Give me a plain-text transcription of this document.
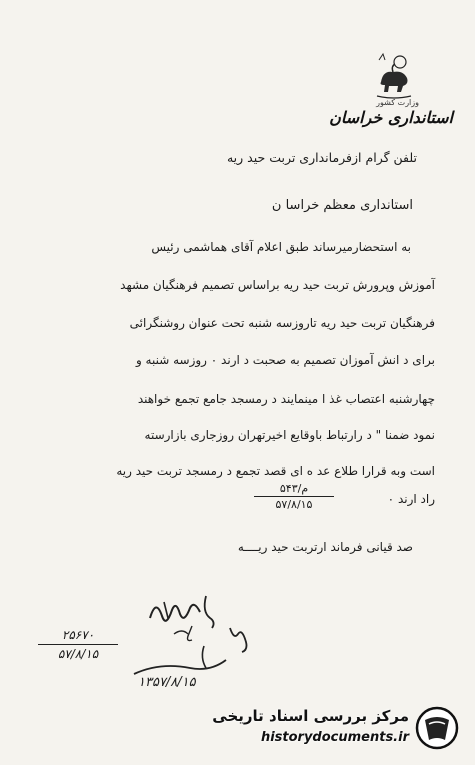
وزارت کشور
استانداری خراسان
تلفن گرام ازفرمانداری تربت حید ریه
استانداری معظم خراسا ن
به استحضارمیرساند طبق اعلام آقای هماشمی رئیس
آموزش وپرورش تربت حید ریه براساس تصمیم فرهنگیان مشهد
فرهنگیان تربت حید ریه تاروزسه شنبه تحت عنوان روشنگرائی
برای د انش آموزان تصمیم به صحبت د ارند ۰ روزسه شنبه و
چهارشنبه اعتصاب غذ ا مینمایند د رمسجد جامع تجمع خواهند
نمود ضمنا " د رارتباط باوقایع اخیرتهران روزجاری بازارسته
است وبه قرارا طلاع عد ه ای قصد تجمع د رمسجد تربت حید ریه
راد ارند ۰
۵۴۳/م
۵۷/۸/۱۵
صد قیانی فرماند ارتربت حید ریــــه
۱۳۵۷/۸/۱۵
۲۵۶۷۰
۵۷/۸/۱۵
مرکز بررسی اسناد تاریخی
historydocuments.ir
